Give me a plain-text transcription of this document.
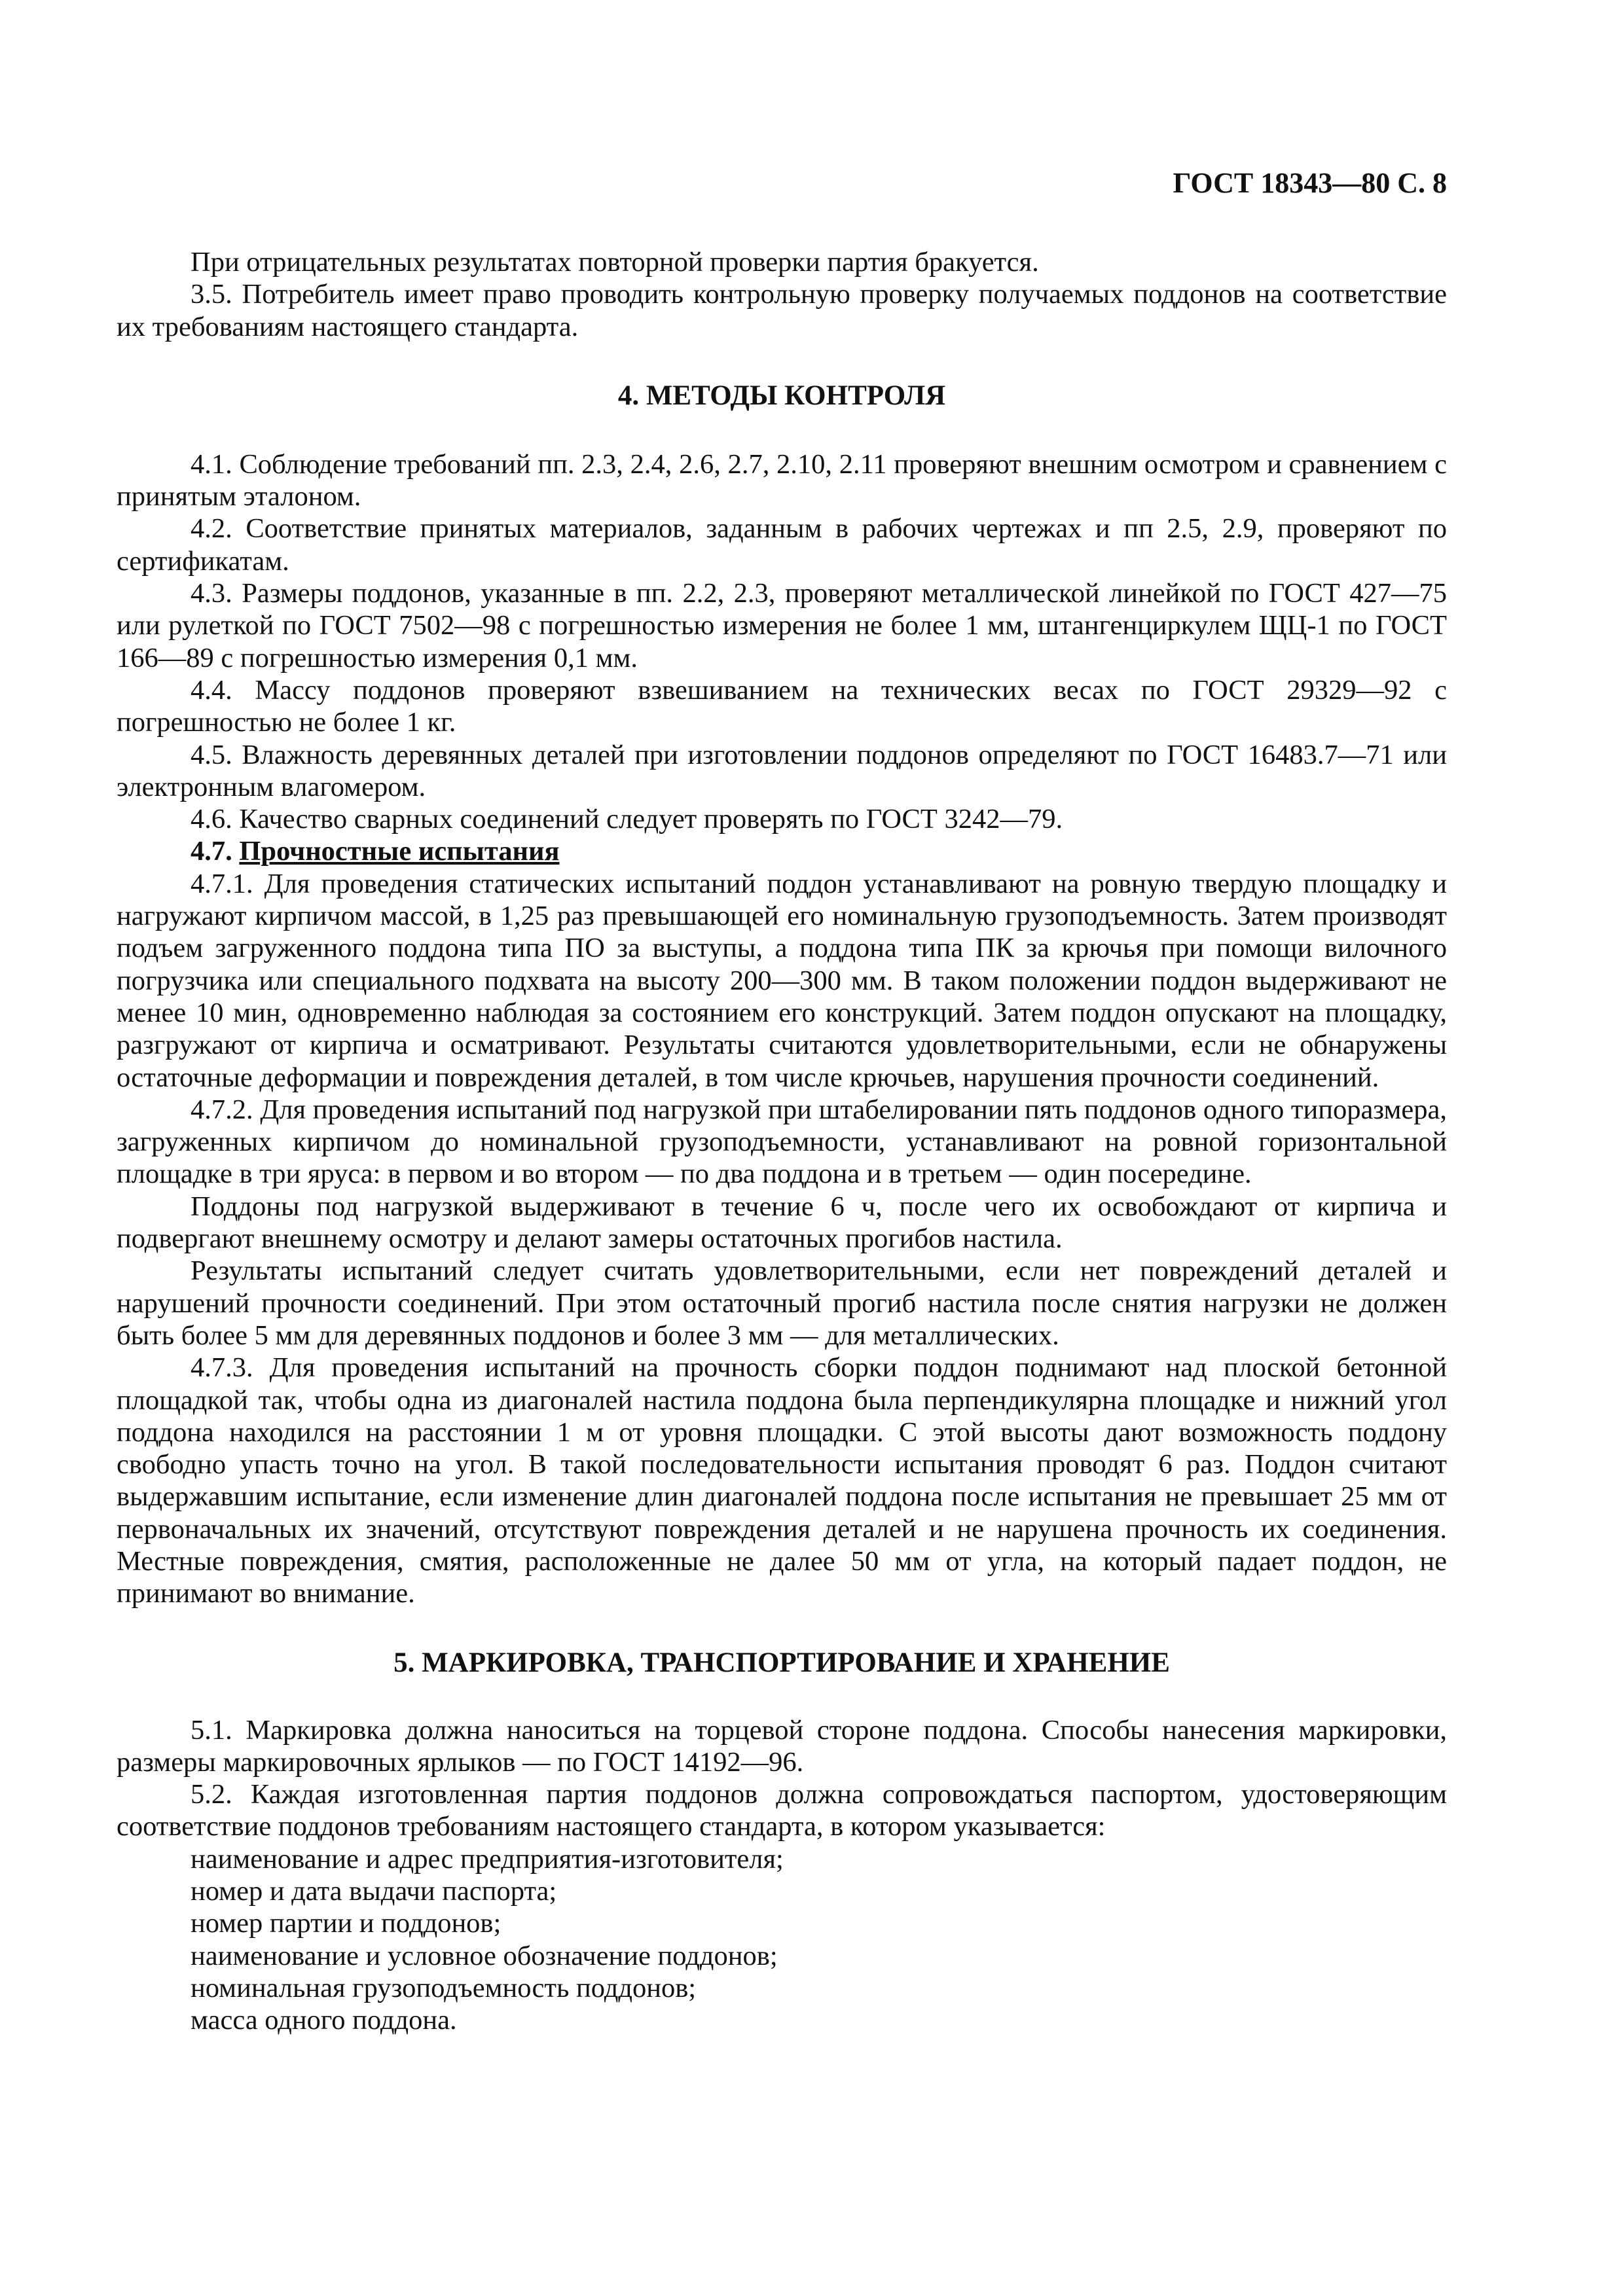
ГОСТ 18343—80 С. 8

При отрицательных результатах повторной проверки партия бракуется.

3.5. Потребитель имеет право проводить контрольную проверку получаемых поддонов на соответствие их требованиям настоящего стандарта.

4. МЕТОДЫ КОНТРОЛЯ

4.1. Соблюдение требований пп. 2.3, 2.4, 2.6, 2.7, 2.10, 2.11 проверяют внешним осмотром и сравнением с принятым эталоном.

4.2. Соответствие принятых материалов, заданным в рабочих чертежах и пп 2.5, 2.9, проверяют по сертификатам.

4.3. Размеры поддонов, указанные в пп. 2.2, 2.3, проверяют металлической линейкой по ГОСТ 427—75 или рулеткой по ГОСТ 7502—98 с погрешностью измерения не более 1 мм, штангенциркулем ЩЦ-1 по ГОСТ 166—89 с погрешностью измерения 0,1 мм.

4.4. Массу поддонов проверяют взвешиванием на технических весах по ГОСТ 29329—92 с погрешностью не более 1 кг.

4.5. Влажность деревянных деталей при изготовлении поддонов определяют по ГОСТ 16483.7—71 или электронным влагомером.

4.6. Качество сварных соединений следует проверять по ГОСТ 3242—79.

4.7. Прочностные испытания

4.7.1. Для проведения статических испытаний поддон устанавливают на ровную твердую площадку и нагружают кирпичом массой, в 1,25 раз превышающей его номинальную грузоподъемность. Затем производят подъем загруженного поддона типа ПО за выступы, а поддона типа ПК за крючья при помощи вилочного погрузчика или специального подхвата на высоту 200—300 мм. В таком положении поддон выдерживают не менее 10 мин, одновременно наблюдая за состоянием его конструкций. Затем поддон опускают на площадку, разгружают от кирпича и осматривают. Результаты считаются удовлетворительными, если не обнаружены остаточные деформации и повреждения деталей, в том числе крючьев, нарушения прочности соединений.

4.7.2. Для проведения испытаний под нагрузкой при штабелировании пять поддонов одного типоразмера, загруженных кирпичом до номинальной грузоподъемности, устанавливают на ровной горизонтальной площадке в три яруса: в первом и во втором — по два поддона и в третьем — один посередине.

Поддоны под нагрузкой выдерживают в течение 6 ч, после чего их освобождают от кирпича и подвергают внешнему осмотру и делают замеры остаточных прогибов настила.

Результаты испытаний следует считать удовлетворительными, если нет повреждений деталей и нарушений прочности соединений. При этом остаточный прогиб настила после снятия нагрузки не должен быть более 5 мм для деревянных поддонов и более 3 мм — для металлических.

4.7.3. Для проведения испытаний на прочность сборки поддон поднимают над плоской бетонной площадкой так, чтобы одна из диагоналей настила поддона была перпендикулярна площадке и нижний угол поддона находился на расстоянии 1 м от уровня площадки. С этой высоты дают возможность поддону свободно упасть точно на угол. В такой последовательности испытания проводят 6 раз. Поддон считают выдержавшим испытание, если изменение длин диагоналей поддона после испытания не превышает 25 мм от первоначальных их значений, отсутствуют повреждения деталей и не нарушена прочность их соединения. Местные повреждения, смятия, расположенные не далее 50 мм от угла, на который падает поддон, не принимают во внимание.

5. МАРКИРОВКА, ТРАНСПОРТИРОВАНИЕ И ХРАНЕНИЕ

5.1. Маркировка должна наноситься на торцевой стороне поддона. Способы нанесения маркировки, размеры маркировочных ярлыков — по ГОСТ 14192—96.

5.2. Каждая изготовленная партия поддонов должна сопровождаться паспортом, удостоверяющим соответствие поддонов требованиям настоящего стандарта, в котором указывается:

наименование и адрес предприятия-изготовителя;

номер и дата выдачи паспорта;

номер партии и поддонов;

наименование и условное обозначение поддонов;

номинальная грузоподъемность поддонов;

масса одного поддона.
